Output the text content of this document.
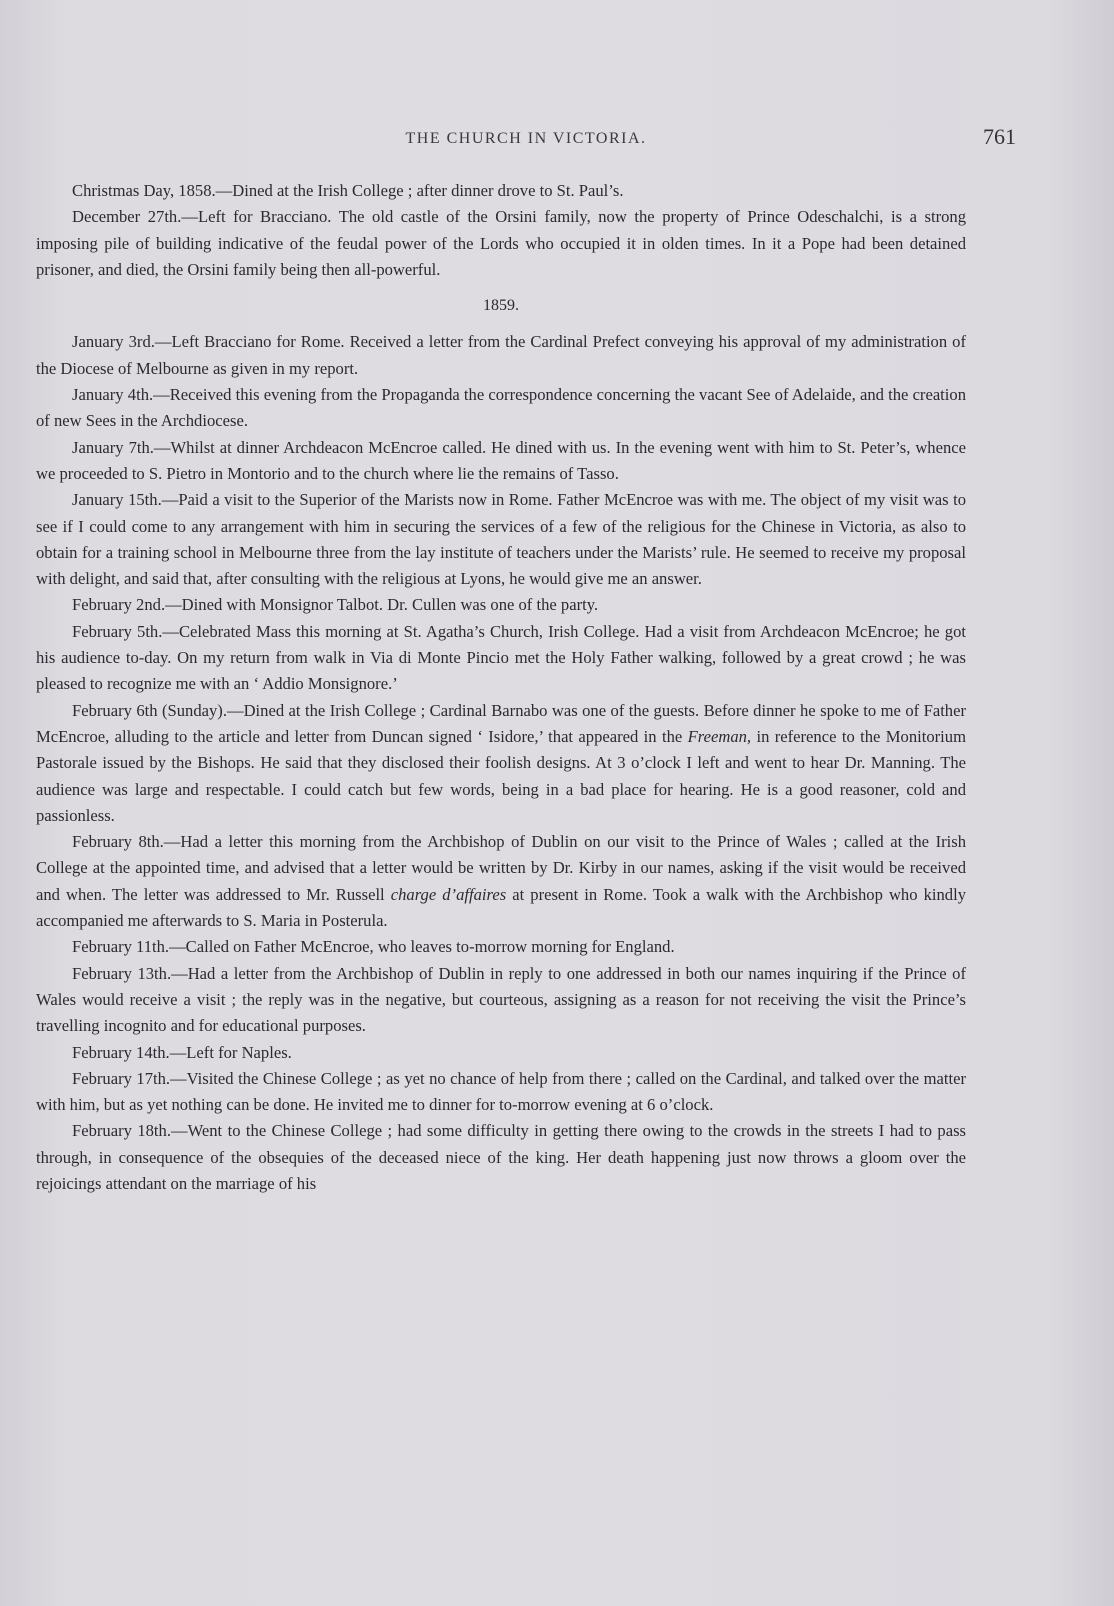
THE CHURCH IN VICTORIA.	761

Christmas Day, 1858.—Dined at the Irish College ; after dinner drove to St. Paul’s.

December 27th.—Left for Bracciano. The old castle of the Orsini family, now the property of Prince Odeschalchi, is a strong imposing pile of building indicative of the feudal power of the Lords who occupied it in olden times. In it a Pope had been detained prisoner, and died, the Orsini family being then all-powerful.

1859.

January 3rd.—Left Bracciano for Rome. Received a letter from the Cardinal Prefect conveying his approval of my administration of the Diocese of Melbourne as given in my report.

January 4th.—Received this evening from the Propaganda the correspondence concerning the vacant See of Adelaide, and the creation of new Sees in the Archdiocese.

January 7th.—Whilst at dinner Archdeacon McEncroe called. He dined with us. In the evening went with him to St. Peter’s, whence we proceeded to S. Pietro in Montorio and to the church where lie the remains of Tasso.

January 15th.—Paid a visit to the Superior of the Marists now in Rome. Father McEncroe was with me. The object of my visit was to see if I could come to any arrangement with him in securing the services of a few of the religious for the Chinese in Victoria, as also to obtain for a training school in Melbourne three from the lay institute of teachers under the Marists’ rule. He seemed to receive my proposal with delight, and said that, after consulting with the religious at Lyons, he would give me an answer.

February 2nd.—Dined with Monsignor Talbot. Dr. Cullen was one of the party.

February 5th.—Celebrated Mass this morning at St. Agatha’s Church, Irish College. Had a visit from Archdeacon McEncroe; he got his audience to-day. On my return from walk in Via di Monte Pincio met the Holy Father walking, followed by a great crowd ; he was pleased to recognize me with an ‘ Addio Monsignore.’

February 6th (Sunday).—Dined at the Irish College ; Cardinal Barnabo was one of the guests. Before dinner he spoke to me of Father McEncroe, alluding to the article and letter from Duncan signed ‘ Isidore,’ that appeared in the Freeman, in reference to the Monitorium Pastorale issued by the Bishops. He said that they disclosed their foolish designs. At 3 o’clock I left and went to hear Dr. Manning. The audience was large and respectable. I could catch but few words, being in a bad place for hearing. He is a good reasoner, cold and passionless.

February 8th.—Had a letter this morning from the Archbishop of Dublin on our visit to the Prince of Wales ; called at the Irish College at the appointed time, and advised that a letter would be written by Dr. Kirby in our names, asking if the visit would be received and when. The letter was addressed to Mr. Russell charge d’affaires at present in Rome. Took a walk with the Archbishop who kindly accompanied me afterwards to S. Maria in Posterula.

February 11th.—Called on Father McEncroe, who leaves to-morrow morning for England.

February 13th.—Had a letter from the Archbishop of Dublin in reply to one addressed in both our names inquiring if the Prince of Wales would receive a visit ; the reply was in the negative, but courteous, assigning as a reason for not receiving the visit the Prince’s travelling incognito and for educational purposes.

February 14th.—Left for Naples.

February 17th.—Visited the Chinese College ; as yet no chance of help from there ; called on the Cardinal, and talked over the matter with him, but as yet nothing can be done. He invited me to dinner for to-morrow evening at 6 o’clock.

February 18th.—Went to the Chinese College ; had some difficulty in getting there owing to the crowds in the streets I had to pass through, in consequence of the obsequies of the deceased niece of the king. Her death happening just now throws a gloom over the rejoicings attendant on the marriage of his
